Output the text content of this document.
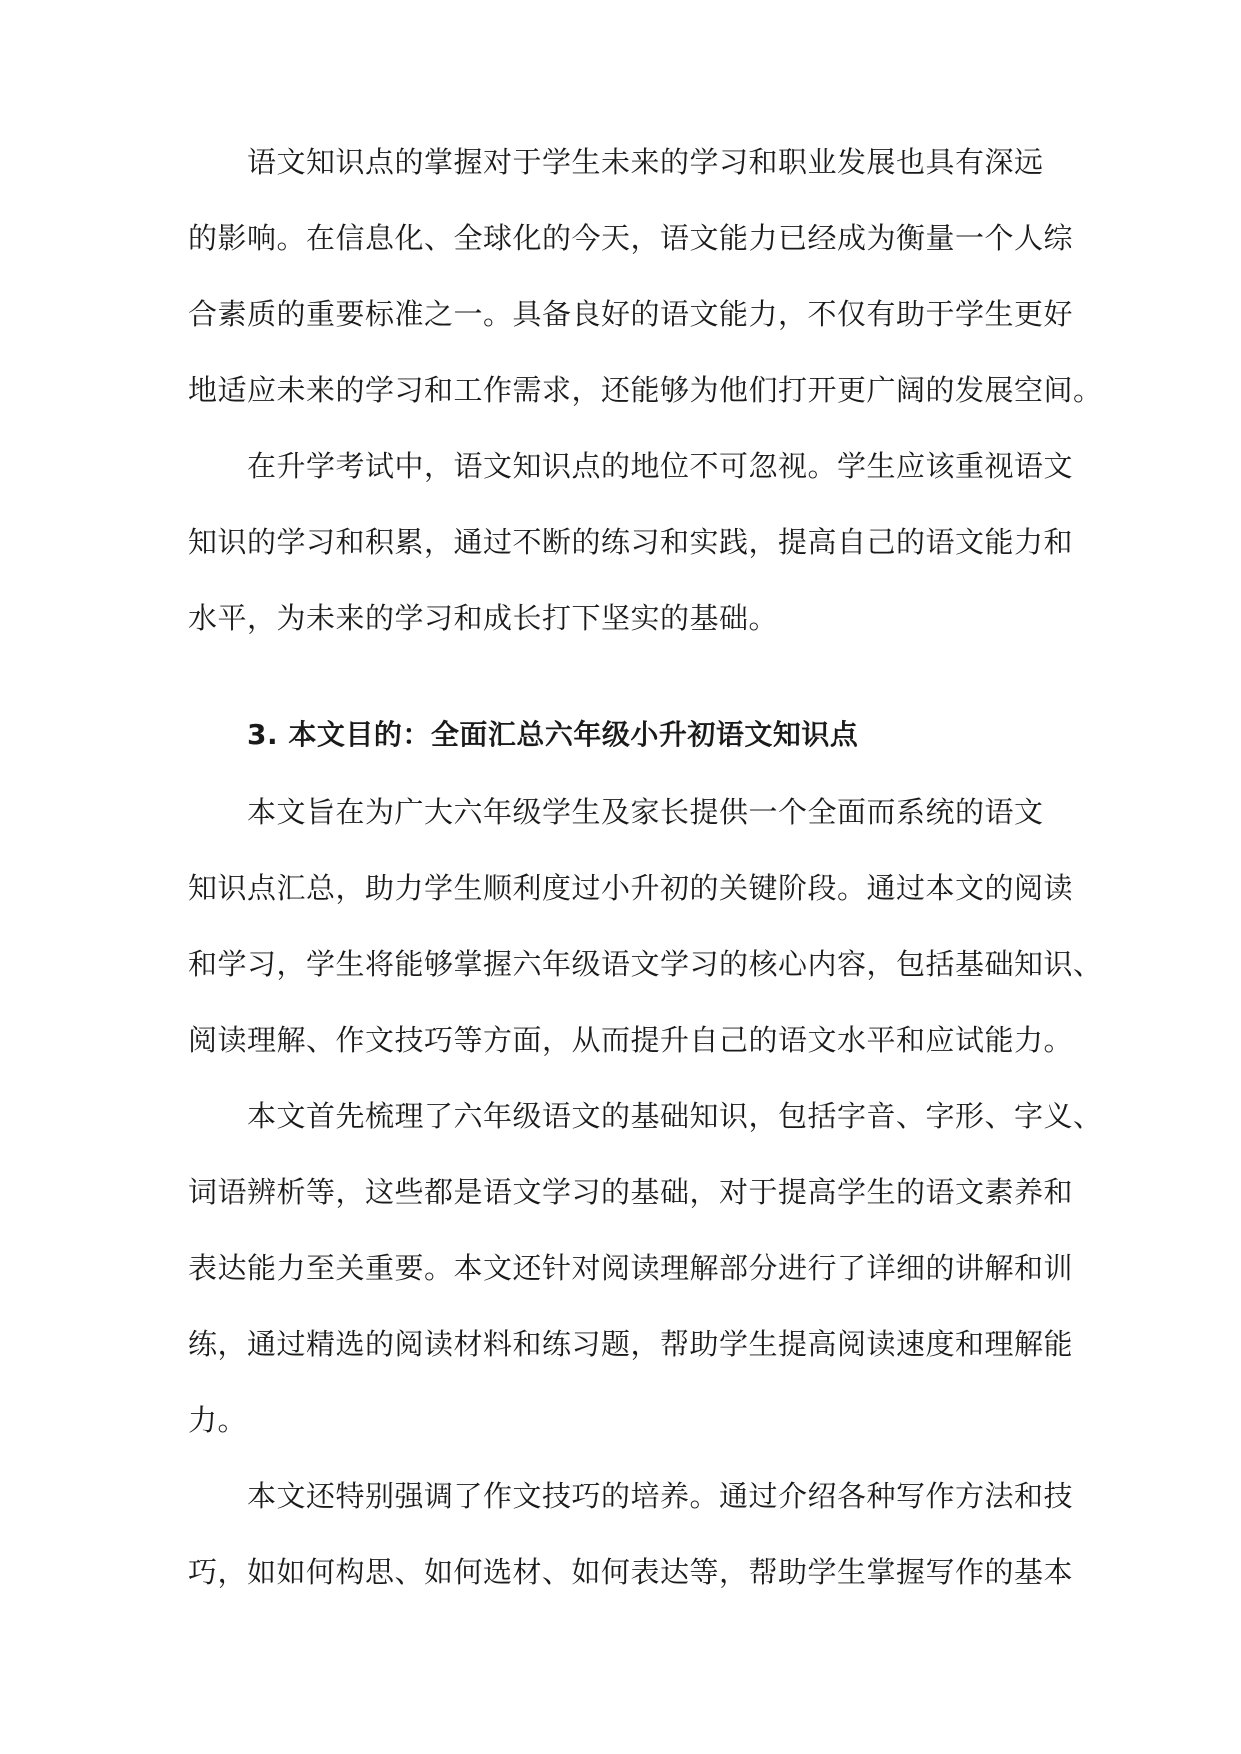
语文知识点的掌握对于学生未来的学习和职业发展也具有深远
的影响。在信息化、全球化的今天，语文能力已经成为衡量一个人综
合素质的重要标准之一。具备良好的语文能力，不仅有助于学生更好
地适应未来的学习和工作需求，还能够为他们打开更广阔的发展空间。
在升学考试中，语文知识点的地位不可忽视。学生应该重视语文
知识的学习和积累，通过不断的练习和实践，提高自己的语文能力和
水平，为未来的学习和成长打下坚实的基础。
3. 本文目的：全面汇总六年级小升初语文知识点
本文旨在为广大六年级学生及家长提供一个全面而系统的语文
知识点汇总，助力学生顺利度过小升初的关键阶段。通过本文的阅读
和学习，学生将能够掌握六年级语文学习的核心内容，包括基础知识、
阅读理解、作文技巧等方面，从而提升自己的语文水平和应试能力。
本文首先梳理了六年级语文的基础知识，包括字音、字形、字义、
词语辨析等，这些都是语文学习的基础，对于提高学生的语文素养和
表达能力至关重要。本文还针对阅读理解部分进行了详细的讲解和训
练，通过精选的阅读材料和练习题，帮助学生提高阅读速度和理解能
力。
本文还特别强调了作文技巧的培养。通过介绍各种写作方法和技
巧，如如何构思、如何选材、如何表达等，帮助学生掌握写作的基本
